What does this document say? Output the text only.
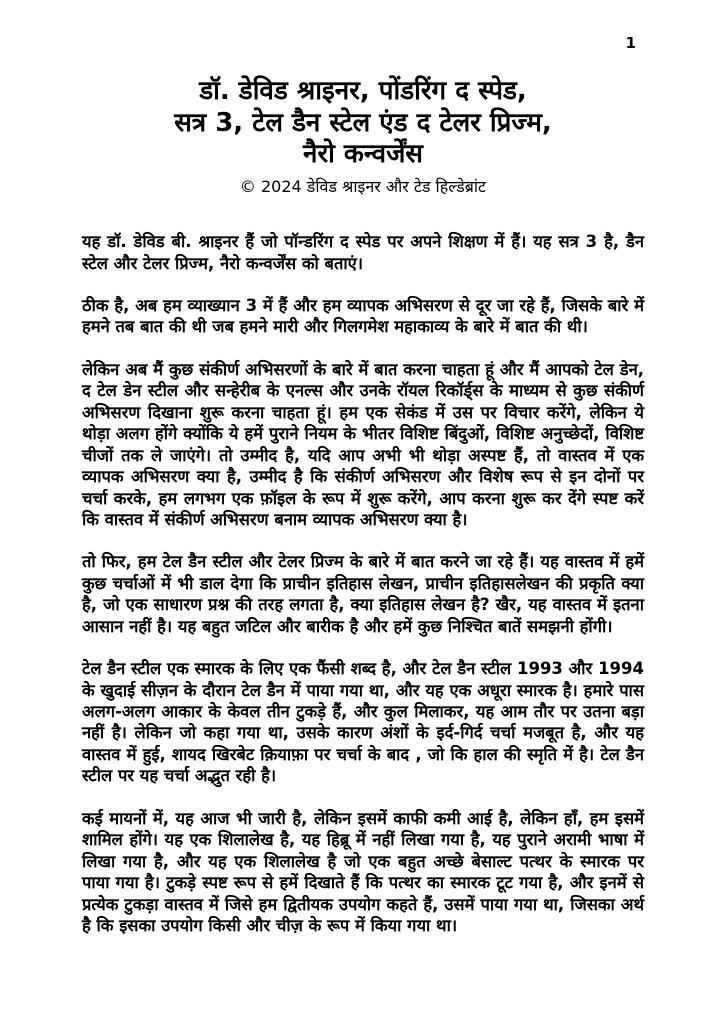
1
डॉ. डेविड श्राइनर, पोंडरिंग द स्पेड,
सत्र 3, टेल डैन स्टेल एंड द टेलर प्रिज्म,
नैरो कन्वर्जेंस
© 2024 डेविड श्राइनर और टेड हिल्डेब्रांट

यह डॉ. डेविड बी. श्राइनर हैं जो पॉन्डरिंग द स्पेड पर अपने शिक्षण में हैं। यह सत्र 3 है, डैन स्टेल और टेलर प्रिज्म, नैरो कन्वर्जेंस को बताएं।

ठीक है, अब हम व्याख्यान 3 में हैं और हम व्यापक अभिसरण से दूर जा रहे हैं, जिसके बारे में हमने तब बात की थी जब हमने मारी और गिलगमेश महाकाव्य के बारे में बात की थी।

लेकिन अब मैं कुछ संकीर्ण अभिसरणों के बारे में बात करना चाहता हूं और मैं आपको टेल डेन, द टेल डेन स्टील और सन्हेरीब के एनल्स और उनके रॉयल रिकॉर्ड्स के माध्यम से कुछ संकीर्ण अभिसरण दिखाना शुरू करना चाहता हूं। हम एक सेकंड में उस पर विचार करेंगे, लेकिन ये थोड़ा अलग होंगे क्योंकि ये हमें पुराने नियम के भीतर विशिष्ट बिंदुओं, विशिष्ट अनुच्छेदों, विशिष्ट चीजों तक ले जाएंगे। तो उम्मीद है, यदि आप अभी भी थोड़ा अस्पष्ट हैं, तो वास्तव में एक व्यापक अभिसरण क्या है, उम्मीद है कि संकीर्ण अभिसरण और विशेष रूप से इन दोनों पर चर्चा करके, हम लगभग एक फ़ॉइल के रूप में शुरू करेंगे, आप करना शुरू कर देंगे स्पष्ट करें कि वास्तव में संकीर्ण अभिसरण बनाम व्यापक अभिसरण क्या है।

तो फिर, हम टेल डैन स्टील और टेलर प्रिज्म के बारे में बात करने जा रहे हैं। यह वास्तव में हमें कुछ चर्चाओं में भी डाल देगा कि प्राचीन इतिहास लेखन, प्राचीन इतिहासलेखन की प्रकृति क्या है, जो एक साधारण प्रश्न की तरह लगता है, क्या इतिहास लेखन है? खैर, यह वास्तव में इतना आसान नहीं है। यह बहुत जटिल और बारीक है और हमें कुछ निश्चित बातें समझनी होंगी।

टेल डैन स्टील एक स्मारक के लिए एक फैंसी शब्द है, और टेल डैन स्टील 1993 और 1994 के खुदाई सीज़न के दौरान टेल डैन में पाया गया था, और यह एक अधूरा स्मारक है। हमारे पास अलग-अलग आकार के केवल तीन टुकड़े हैं, और कुल मिलाकर, यह आम तौर पर उतना बड़ा नहीं है। लेकिन जो कहा गया था, उसके कारण अंशों के इर्द-गिर्द चर्चा मजबूत है, और यह वास्तव में हुई, शायद खिरबेट क़ियाफ़ा पर चर्चा के बाद , जो कि हाल की स्मृति में है। टेल डैन स्टील पर यह चर्चा अद्भुत रही है।

कई मायनों में, यह आज भी जारी है, लेकिन इसमें काफी कमी आई है, लेकिन हाँ, हम इसमें शामिल होंगे। यह एक शिलालेख है, यह हिब्रू में नहीं लिखा गया है, यह पुराने अरामी भाषा में लिखा गया है, और यह एक शिलालेख है जो एक बहुत अच्छे बेसाल्ट पत्थर के स्मारक पर पाया गया है। टुकड़े स्पष्ट रूप से हमें दिखाते हैं कि पत्थर का स्मारक टूट गया है, और इनमें से प्रत्येक टुकड़ा वास्तव में जिसे हम द्वितीयक उपयोग कहते हैं, उसमें पाया गया था, जिसका अर्थ है कि इसका उपयोग किसी और चीज़ के रूप में किया गया था।
